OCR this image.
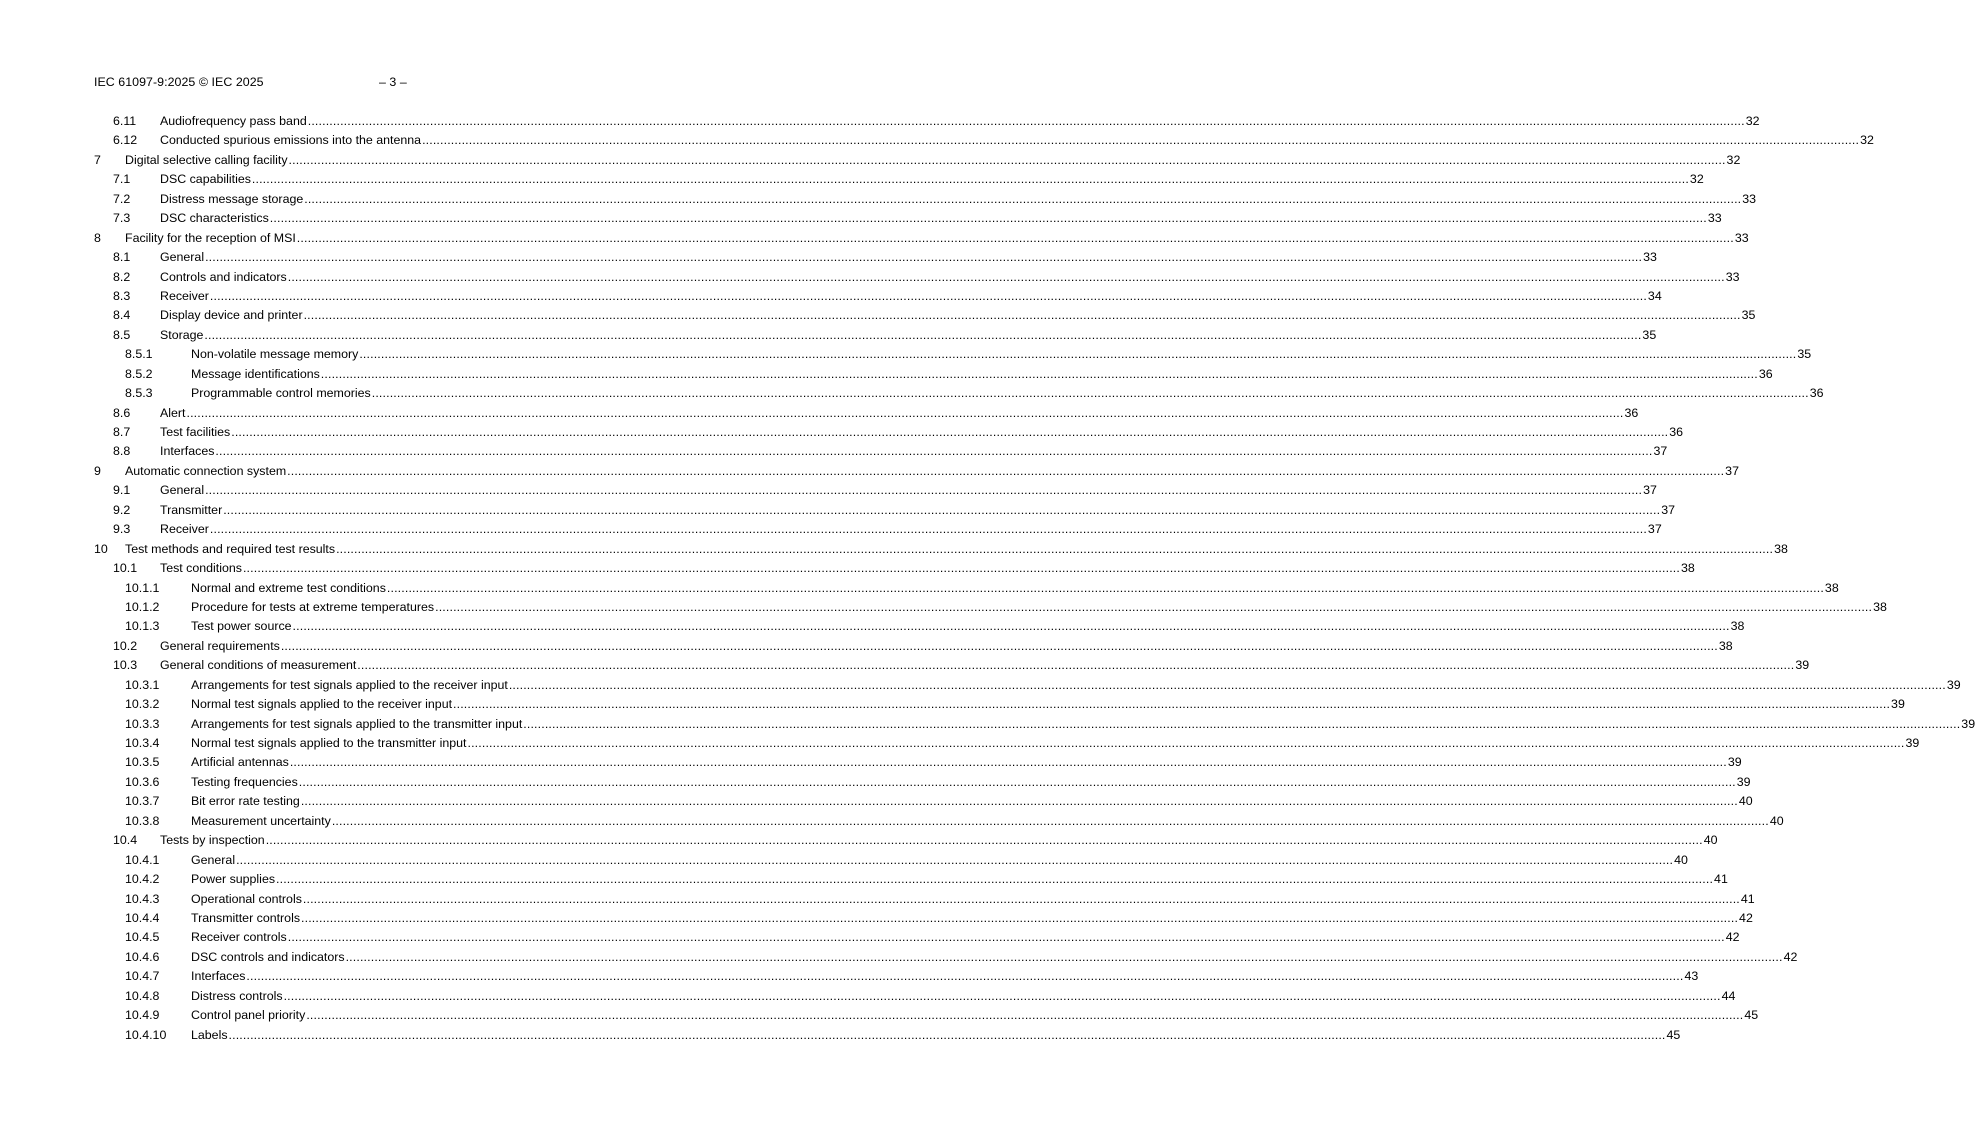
IEC 61097-9:2025 © IEC 2025	– 3 –
6.11 Audiofrequency pass band ................................................................................................................................................................................................................................................................................................................................................................................................................ 32
6.12 Conducted spurious emissions into the antenna ................................................................................................................................................................................................................................................................................................................................................................................................................ 32
7 Digital selective calling facility ................................................................................................................................................................................................................................................................................................................................................................................................................ 32
7.1 DSC capabilities ................................................................................................................................................................................................................................................................................................................................................................................................................ 32
7.2 Distress message storage ................................................................................................................................................................................................................................................................................................................................................................................................................ 33
7.3 DSC characteristics ................................................................................................................................................................................................................................................................................................................................................................................................................ 33
8 Facility for the reception of MSI ................................................................................................................................................................................................................................................................................................................................................................................................................ 33
8.1 General ................................................................................................................................................................................................................................................................................................................................................................................................................ 33
8.2 Controls and indicators ................................................................................................................................................................................................................................................................................................................................................................................................................ 33
8.3 Receiver ................................................................................................................................................................................................................................................................................................................................................................................................................ 34
8.4 Display device and printer ................................................................................................................................................................................................................................................................................................................................................................................................................ 35
8.5 Storage ................................................................................................................................................................................................................................................................................................................................................................................................................ 35
8.5.1	Non-volatile message memory ................................................................................................................................................................................................................................................................................................................................................................................................................ 35
8.5.2	Message identifications ................................................................................................................................................................................................................................................................................................................................................................................................................ 36
8.5.3	Programmable control memories ................................................................................................................................................................................................................................................................................................................................................................................................................ 36
8.6 Alert ................................................................................................................................................................................................................................................................................................................................................................................................................ 36
8.7 Test facilities ................................................................................................................................................................................................................................................................................................................................................................................................................ 36
8.8 Interfaces ................................................................................................................................................................................................................................................................................................................................................................................................................ 37
9 Automatic connection system ................................................................................................................................................................................................................................................................................................................................................................................................................ 37
9.1 General ................................................................................................................................................................................................................................................................................................................................................................................................................ 37
9.2 Transmitter ................................................................................................................................................................................................................................................................................................................................................................................................................ 37
9.3 Receiver ................................................................................................................................................................................................................................................................................................................................................................................................................ 37
10 Test methods and required test results ................................................................................................................................................................................................................................................................................................................................................................................................................ 38
10.1 Test conditions ................................................................................................................................................................................................................................................................................................................................................................................................................ 38
10.1.1	Normal and extreme test conditions ................................................................................................................................................................................................................................................................................................................................................................................................................ 38
10.1.2	Procedure for tests at extreme temperatures ................................................................................................................................................................................................................................................................................................................................................................................................................ 38
10.1.3	Test power source ................................................................................................................................................................................................................................................................................................................................................................................................................ 38
10.2 General requirements ................................................................................................................................................................................................................................................................................................................................................................................................................ 38
10.3 General conditions of measurement ................................................................................................................................................................................................................................................................................................................................................................................................................ 39
10.3.1	Arrangements for test signals applied to the receiver input ................................................................................................................................................................................................................................................................................................................................................................................................................ 39
10.3.2	Normal test signals applied to the receiver input ................................................................................................................................................................................................................................................................................................................................................................................................................ 39
10.3.3	Arrangements for test signals applied to the transmitter input ................................................................................................................................................................................................................................................................................................................................................................................................................ 39
10.3.4	Normal test signals applied to the transmitter input ................................................................................................................................................................................................................................................................................................................................................................................................................ 39
10.3.5	Artificial antennas ................................................................................................................................................................................................................................................................................................................................................................................................................ 39
10.3.6	Testing frequencies ................................................................................................................................................................................................................................................................................................................................................................................................................ 39
10.3.7	Bit error rate testing ................................................................................................................................................................................................................................................................................................................................................................................................................ 40
10.3.8	Measurement uncertainty ................................................................................................................................................................................................................................................................................................................................................................................................................ 40
10.4 Tests by inspection ................................................................................................................................................................................................................................................................................................................................................................................................................ 40
10.4.1	General ................................................................................................................................................................................................................................................................................................................................................................................................................ 40
10.4.2	Power supplies ................................................................................................................................................................................................................................................................................................................................................................................................................ 41
10.4.3	Operational controls ................................................................................................................................................................................................................................................................................................................................................................................................................ 41
10.4.4	Transmitter controls ................................................................................................................................................................................................................................................................................................................................................................................................................ 42
10.4.5	Receiver controls ................................................................................................................................................................................................................................................................................................................................................................................................................ 42
10.4.6	DSC controls and indicators ................................................................................................................................................................................................................................................................................................................................................................................................................ 42
10.4.7	Interfaces ................................................................................................................................................................................................................................................................................................................................................................................................................ 43
10.4.8	Distress controls ................................................................................................................................................................................................................................................................................................................................................................................................................ 44
10.4.9	Control panel priority ................................................................................................................................................................................................................................................................................................................................................................................................................ 45
10.4.10 Labels ................................................................................................................................................................................................................................................................................................................................................................................................................ 45
